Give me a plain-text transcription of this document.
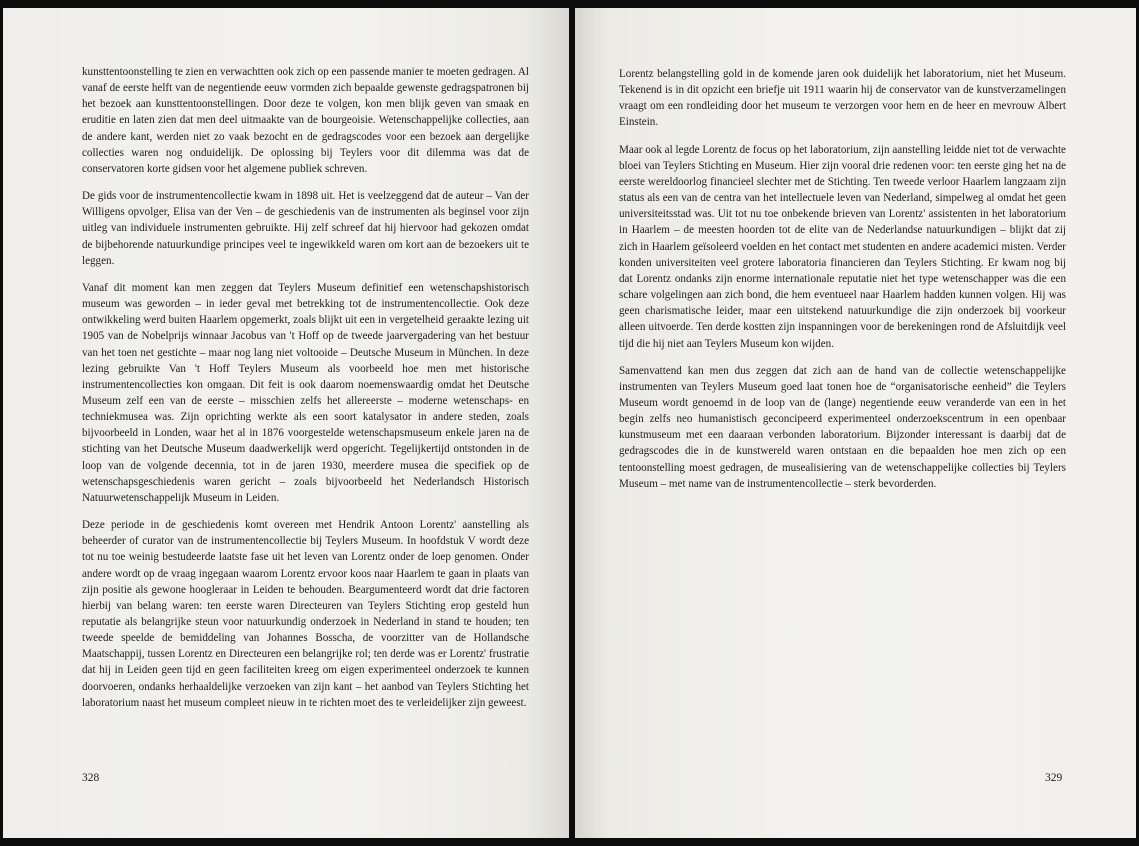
kunsttentoonstelling te zien en verwachtten ook zich op een passende manier te moeten gedragen. Al vanaf de eerste helft van de negentiende eeuw vormden zich bepaalde gewenste gedragspatronen bij het bezoek aan kunsttentoonstellingen. Door deze te volgen, kon men blijk geven van smaak en eruditie en laten zien dat men deel uitmaakte van de bourgeoisie. Wetenschappelijke collecties, aan de andere kant, werden niet zo vaak bezocht en de gedragscodes voor een bezoek aan dergelijke collecties waren nog onduidelijk. De oplossing bij Teylers voor dit dilemma was dat de conservatoren korte gidsen voor het algemene publiek schreven.

De gids voor de instrumentencollectie kwam in 1898 uit. Het is veelzeggend dat de auteur – Van der Willigens opvolger, Elisa van der Ven – de geschiedenis van de instrumenten als beginsel voor zijn uitleg van individuele instrumenten gebruikte. Hij zelf schreef dat hij hiervoor had gekozen omdat de bijbehorende natuurkundige principes veel te ingewikkeld waren om kort aan de bezoekers uit te leggen.

Vanaf dit moment kan men zeggen dat Teylers Museum definitief een wetenschapshistorisch museum was geworden – in ieder geval met betrekking tot de instrumentencollectie. Ook deze ontwikkeling werd buiten Haarlem opgemerkt, zoals blijkt uit een in vergetelheid geraakte lezing uit 1905 van de Nobelprijs winnaar Jacobus van 't Hoff op de tweede jaarvergadering van het bestuur van het toen net gestichte – maar nog lang niet voltooide – Deutsche Museum in München. In deze lezing gebruikte Van 't Hoff Teylers Museum als voorbeeld hoe men met historische instrumentencollecties kon omgaan. Dit feit is ook daarom noemenswaardig omdat het Deutsche Museum zelf een van de eerste – misschien zelfs het allereerste – moderne wetenschaps- en techniekmusea was. Zijn oprichting werkte als een soort katalysator in andere steden, zoals bijvoorbeeld in Londen, waar het al in 1876 voorgestelde wetenschapsmuseum enkele jaren na de stichting van het Deutsche Museum daadwerkelijk werd opgericht. Tegelijkertijd ontstonden in de loop van de volgende decennia, tot in de jaren 1930, meerdere musea die specifiek op de wetenschapsgeschiedenis waren gericht – zoals bijvoorbeeld het Nederlandsch Historisch Natuurwetenschappelijk Museum in Leiden.

Deze periode in de geschiedenis komt overeen met Hendrik Antoon Lorentz' aanstelling als beheerder of curator van de instrumentencollectie bij Teylers Museum. In hoofdstuk V wordt deze tot nu toe weinig bestudeerde laatste fase uit het leven van Lorentz onder de loep genomen. Onder andere wordt op de vraag ingegaan waarom Lorentz ervoor koos naar Haarlem te gaan in plaats van zijn positie als gewone hoogleraar in Leiden te behouden. Beargumenteerd wordt dat drie factoren hierbij van belang waren: ten eerste waren Directeuren van Teylers Stichting erop gesteld hun reputatie als belangrijke steun voor natuurkundig onderzoek in Nederland in stand te houden; ten tweede speelde de bemiddeling van Johannes Bosscha, de voorzitter van de Hollandsche Maatschappij, tussen Lorentz en Directeuren een belangrijke rol; ten derde was er Lorentz' frustratie dat hij in Leiden geen tijd en geen faciliteiten kreeg om eigen experimenteel onderzoek te kunnen doorvoeren, ondanks herhaaldelijke verzoeken van zijn kant – het aanbod van Teylers Stichting het laboratorium naast het museum compleet nieuw in te richten moet des te verleidelijker zijn geweest.

328

Lorentz belangstelling gold in de komende jaren ook duidelijk het laboratorium, niet het Museum. Tekenend is in dit opzicht een briefje uit 1911 waarin hij de conservator van de kunstverzamelingen vraagt om een rondleiding door het museum te verzorgen voor hem en de heer en mevrouw Albert Einstein.

Maar ook al legde Lorentz de focus op het laboratorium, zijn aanstelling leidde niet tot de verwachte bloei van Teylers Stichting en Museum. Hier zijn vooral drie redenen voor: ten eerste ging het na de eerste wereldoorlog financieel slechter met de Stichting. Ten tweede verloor Haarlem langzaam zijn status als een van de centra van het intellectuele leven van Nederland, simpelweg al omdat het geen universiteitsstad was. Uit tot nu toe onbekende brieven van Lorentz' assistenten in het laboratorium in Haarlem – de meesten hoorden tot de elite van de Nederlandse natuurkundigen – blijkt dat zij zich in Haarlem geïsoleerd voelden en het contact met studenten en andere academici misten. Verder konden universiteiten veel grotere laboratoria financieren dan Teylers Stichting. Er kwam nog bij dat Lorentz ondanks zijn enorme internationale reputatie niet het type wetenschapper was die een schare volgelingen aan zich bond, die hem eventueel naar Haarlem hadden kunnen volgen. Hij was geen charismatische leider, maar een uitstekend natuurkundige die zijn onderzoek bij voorkeur alleen uitvoerde. Ten derde kostten zijn inspanningen voor de berekeningen rond de Afsluitdijk veel tijd die hij niet aan Teylers Museum kon wijden.

Samenvattend kan men dus zeggen dat zich aan de hand van de collectie wetenschappelijke instrumenten van Teylers Museum goed laat tonen hoe de “organisatorische eenheid” die Teylers Museum wordt genoemd in de loop van de (lange) negentiende eeuw veranderde van een in het begin zelfs neo humanistisch geconcipeerd experimenteel onderzoekscentrum in een openbaar kunstmuseum met een daaraan verbonden laboratorium. Bijzonder interessant is daarbij dat de gedragscodes die in de kunstwereld waren ontstaan en die bepaalden hoe men zich op een tentoonstelling moest gedragen, de musealisiering van de wetenschappelijke collecties bij Teylers Museum – met name van de instrumentencollectie – sterk bevorderden.

329
